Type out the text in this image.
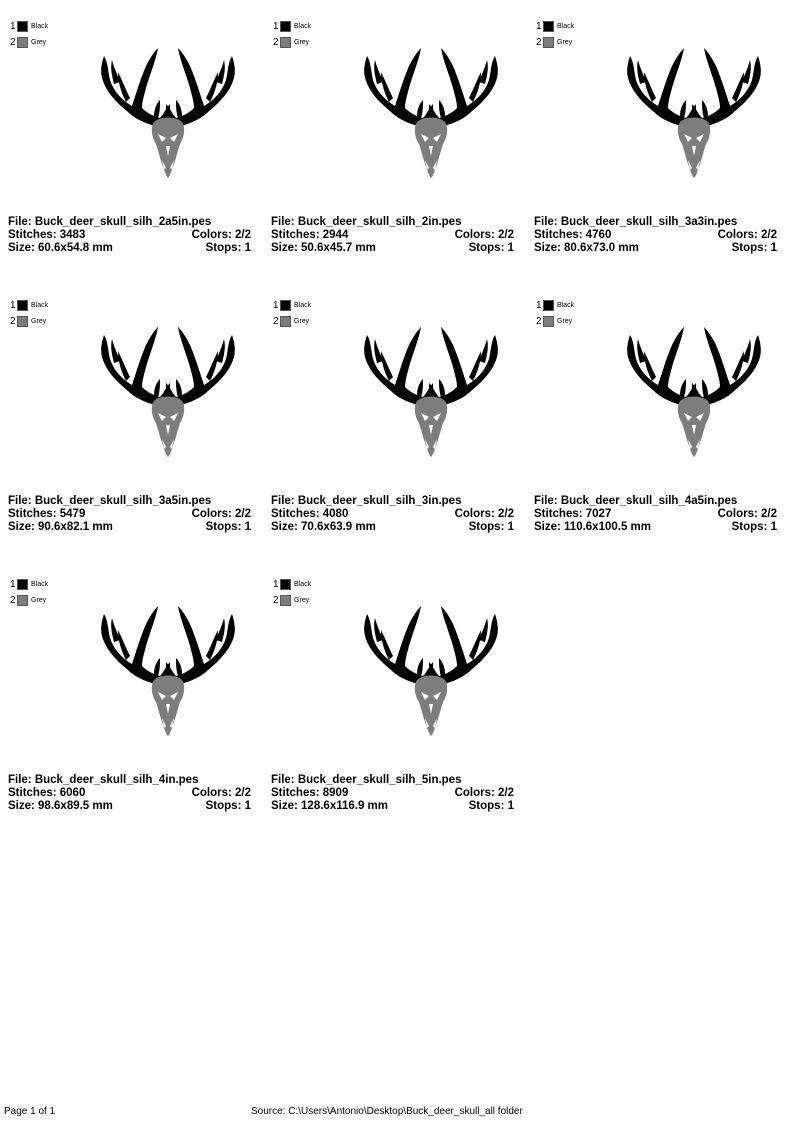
1 Black
2 Grey
File: Buck_deer_skull_silh_2a5in.pes
Stitches: 3483	Colors: 2/2
Size: 60.6x54.8 mm	Stops: 1
1 Black
2 Grey
File: Buck_deer_skull_silh_2in.pes
Stitches: 2944	Colors: 2/2
Size: 50.6x45.7 mm	Stops: 1
1 Black
2 Grey
File: Buck_deer_skull_silh_3a3in.pes
Stitches: 4760	Colors: 2/2
Size: 80.6x73.0 mm	Stops: 1
1 Black
2 Grey
File: Buck_deer_skull_silh_3a5in.pes
Stitches: 5479	Colors: 2/2
Size: 90.6x82.1 mm	Stops: 1
1 Black
2 Grey
File: Buck_deer_skull_silh_3in.pes
Stitches: 4080	Colors: 2/2
Size: 70.6x63.9 mm	Stops: 1
1 Black
2 Grey
File: Buck_deer_skull_silh_4a5in.pes
Stitches: 7027	Colors: 2/2
Size: 110.6x100.5 mm	Stops: 1
1 Black
2 Grey
File: Buck_deer_skull_silh_4in.pes
Stitches: 6060	Colors: 2/2
Size: 98.6x89.5 mm	Stops: 1
1 Black
2 Grey
File: Buck_deer_skull_silh_5in.pes
Stitches: 8909	Colors: 2/2
Size: 128.6x116.9 mm	Stops: 1
Page 1 of 1	Source: C:\Users\Antonio\Desktop\Buck_deer_skull_all folder
